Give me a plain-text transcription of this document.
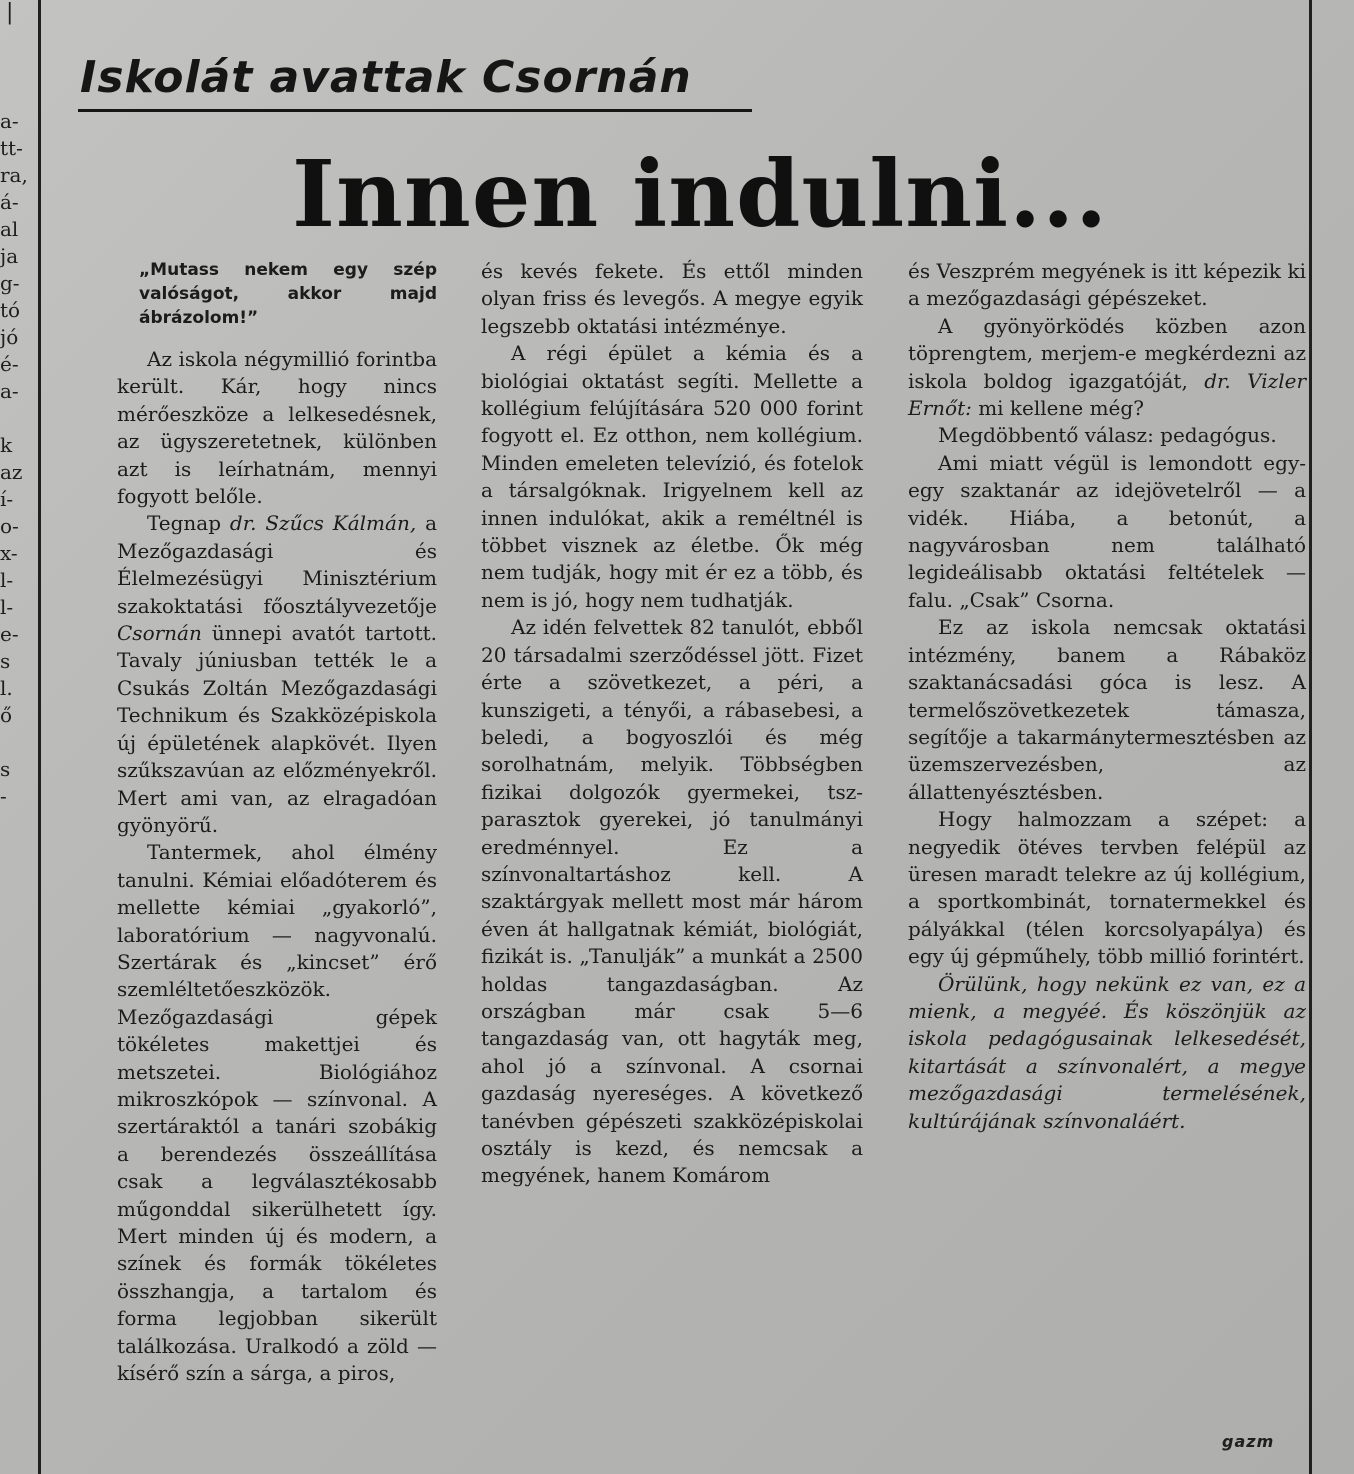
|
a-
tt-
ra,
á-
al
ja
g-
tó
jó
é-
a-

k
az
í-
o-
x-
l-
l-
e-
s
l.
ő

s
-
Iskolát avattak Csornán
Innen indulni...

„Mutass nekem egy szép valóságot, akkor majd ábrázolom!”

Az iskola négymillió forintba került. Kár, hogy nincs mérőeszköze a lelkesedésnek, az ügyszeretetnek, különben azt is leírhatnám, mennyi fogyott belőle.

Tegnap dr. Szűcs Kálmán, a Mezőgazdasági és Élelmezésügyi Minisztérium szakoktatási főosztályvezetője Csornán ünnepi avatót tartott. Tavaly júniusban tették le a Csukás Zoltán Mezőgazdasági Technikum és Szakközépiskola új épületének alapkövét. Ilyen szűkszavúan az előzményekről. Mert ami van, az elragadóan gyönyörű.

Tantermek, ahol élmény tanulni. Kémiai előadóterem és mellette kémiai „gyakorló”, laboratórium — nagyvonalú. Szertárak és „kincset” érő szemléltetőeszközök. Mezőgazdasági gépek tökéletes makettjei és metszetei. Biológiához mikroszkópok — színvonal. A szertáraktól a tanári szobákig a berendezés összeállítása csak a legválasztékosabb műgonddal sikerülhetett így. Mert minden új és modern, a színek és formák tökéletes összhangja, a tartalom és forma legjobban sikerült találkozása. Uralkodó a zöld — kísérő szín a sárga, a piros,

és kevés fekete. És ettől minden olyan friss és levegős. A megye egyik legszebb oktatási intézménye.

A régi épület a kémia és a biológiai oktatást segíti. Mellette a kollégium felújítására 520 000 forint fogyott el. Ez otthon, nem kollégium. Minden emeleten televízió, és fotelok a társalgóknak. Irigyelnem kell az innen indulókat, akik a reméltnél is többet visznek az életbe. Ők még nem tudják, hogy mit ér ez a több, és nem is jó, hogy nem tudhatják.

Az idén felvettek 82 tanulót, ebből 20 társadalmi szerződéssel jött. Fizet érte a szövetkezet, a péri, a kunszigeti, a tényői, a rábasebesi, a beledi, a bogyoszlói és még sorolhatnám, melyik. Többségben fizikai dolgozók gyermekei, tsz-parasztok gyerekei, jó tanulmányi eredménnyel. Ez a színvonaltartáshoz kell. A szaktárgyak mellett most már három éven át hallgatnak kémiát, biológiát, fizikát is. „Tanulják” a munkát a 2500 holdas tangazdaságban. Az országban már csak 5—6 tangazdaság van, ott hagyták meg, ahol jó a színvonal. A csornai gazdaság nyereséges. A következő tanévben gépészeti szakközépiskolai osztály is kezd, és nemcsak a megyének, hanem Komárom

és Veszprém megyének is itt képezik ki a mezőgazdasági gépészeket.

A gyönyörködés közben azon töprengtem, merjem-e megkérdezni az iskola boldog igazgatóját, dr. Vizler Ernőt: mi kellene még?

Megdöbbentő válasz: pedagógus.

Ami miatt végül is lemondott egy-egy szaktanár az idejövetelről — a vidék. Hiába, a betonút, a nagyvárosban nem található legideálisabb oktatási feltételek — falu. „Csak” Csorna.

Ez az iskola nemcsak oktatási intézmény, banem a Rábaköz szaktanácsadási góca is lesz. A termelőszövetkezetek támasza, segítője a takarmánytermesztésben az üzemszervezésben, az állattenyésztésben.

Hogy halmozzam a szépet: a negyedik ötéves tervben felépül az üresen maradt telekre az új kollégium, a sportkombinát, tornatermekkel és pályákkal (télen korcsolyapálya) és egy új gépműhely, több millió forintért.

Örülünk, hogy nekünk ez van, ez a mienk, a megyéé. És köszönjük az iskola pedagógusainak lelkesedését, kitartását a színvonalért, a megye mezőgazdasági termelésének, kultúrájának színvonaláért.

gazm
